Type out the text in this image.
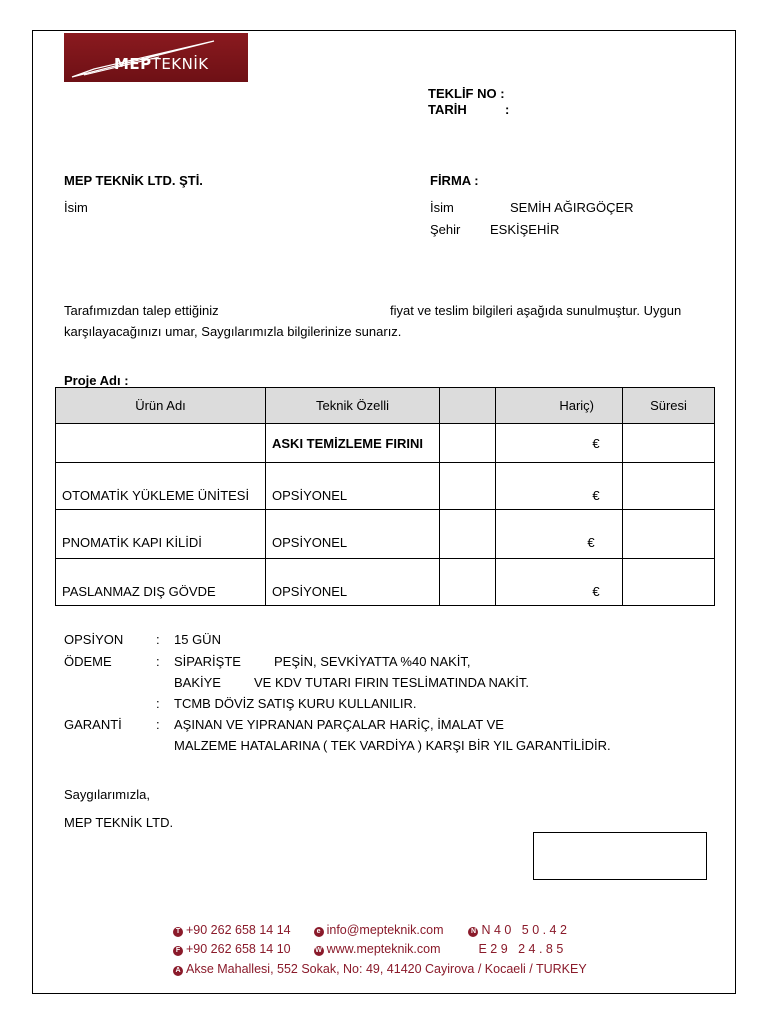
MEPTEKNİK
TEKLİF NO :
TARİH	:
MEP TEKNİK LTD. ŞTİ.
İsim
FİRMA :
İsim	SEMİH AĞIRGÖÇER
Şehir ESKİŞEHİR
Tarafımızdan talep ettiğiniz	fiyat ve teslim bilgileri aşağıda sunulmuştur. Uygun
karşılayacağınızı umar, Saygılarımızla bilgilerinize sunarız.
Proje Adı :
Ürün Adı	Teknik Özelli		Hariç)	Süresi
	ASKI TEMİZLEME FIRINI		€	
OTOMATİK YÜKLEME ÜNİTESİ	OPSİYONEL		€	
PNOMATİK KAPI KİLİDİ	OPSİYONEL		€	
PASLANMAZ DIŞ GÖVDE	OPSİYONEL		€	
OPSİYON	: 15 GÜN
ÖDEME	: SİPARİŞTE	PEŞİN, SEVKİYATTA %40 NAKİT,
BAKİYE	VE KDV TUTARI FIRIN TESLİMATINDA NAKİT.
: TCMB DÖVİZ SATIŞ KURU KULLANILIR.
GARANTİ	: AŞINAN VE YIPRANAN PARÇALAR HARİÇ, İMALAT VE
MALZEME HATALARINA ( TEK VARDİYA ) KARŞI BİR YIL GARANTİLİDİR.
Saygılarımızla,
MEP TEKNİK LTD.
T +90 262 658 14 14	e info@mepteknik.com	N N 4 0   5 0 . 4 2
F +90 262 658 14 10	W www.mepteknik.com	E 2 9   2 4 . 8 5
A Akse Mahallesi, 552 Sokak, No: 49, 41420 Cayirova / Kocaeli / TURKEY
